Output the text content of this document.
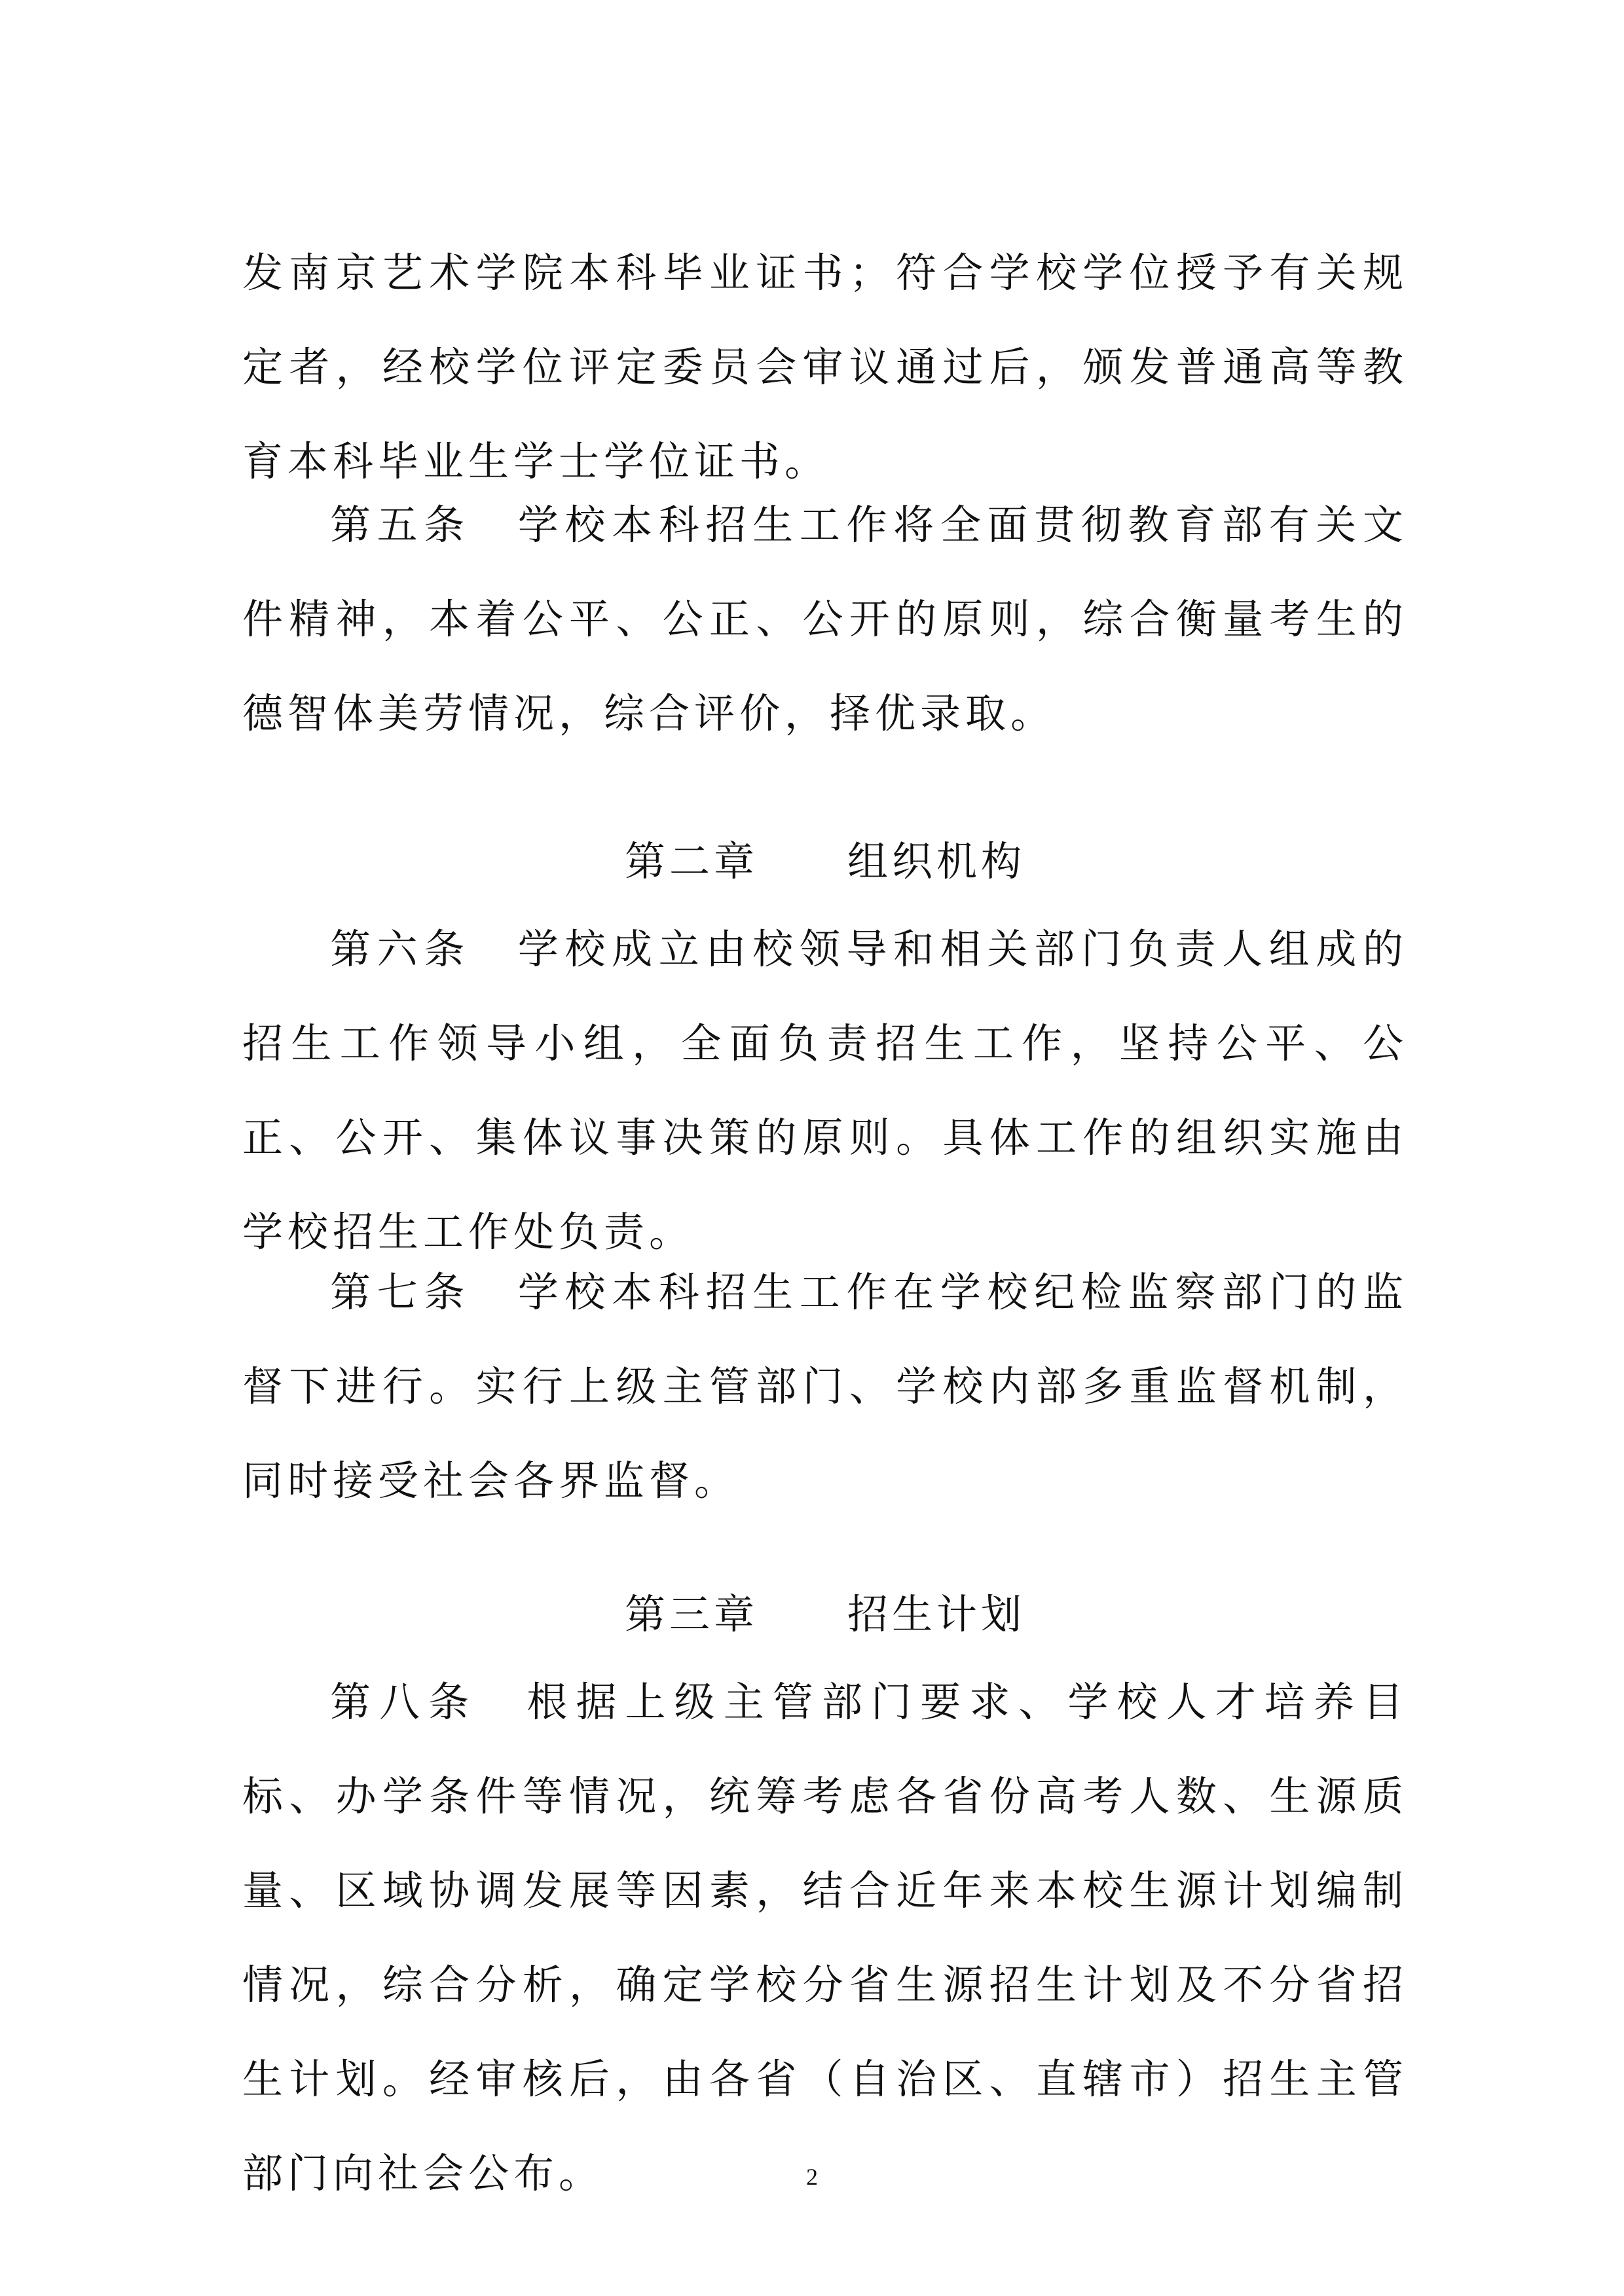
发南京艺术学院本科毕业证书；符合学校学位授予有关规定者，经校学位评定委员会审议通过后，颁发普通高等教育本科毕业生学士学位证书。
第五条　学校本科招生工作将全面贯彻教育部有关文件精神，本着公平、公正、公开的原则，综合衡量考生的德智体美劳情况，综合评价，择优录取。
第二章　　组织机构
第六条　学校成立由校领导和相关部门负责人组成的招生工作领导小组，全面负责招生工作，坚持公平、公正、公开、集体议事决策的原则。具体工作的组织实施由学校招生工作处负责。
第七条　学校本科招生工作在学校纪检监察部门的监督下进行。实行上级主管部门、学校内部多重监督机制，同时接受社会各界监督。
第三章　　招生计划
第八条　根据上级主管部门要求、学校人才培养目标、办学条件等情况，统筹考虑各省份高考人数、生源质量、区域协调发展等因素，结合近年来本校生源计划编制情况，综合分析，确定学校分省生源招生计划及不分省招生计划。经审核后，由各省（自治区、直辖市）招生主管部门向社会公布。	2
